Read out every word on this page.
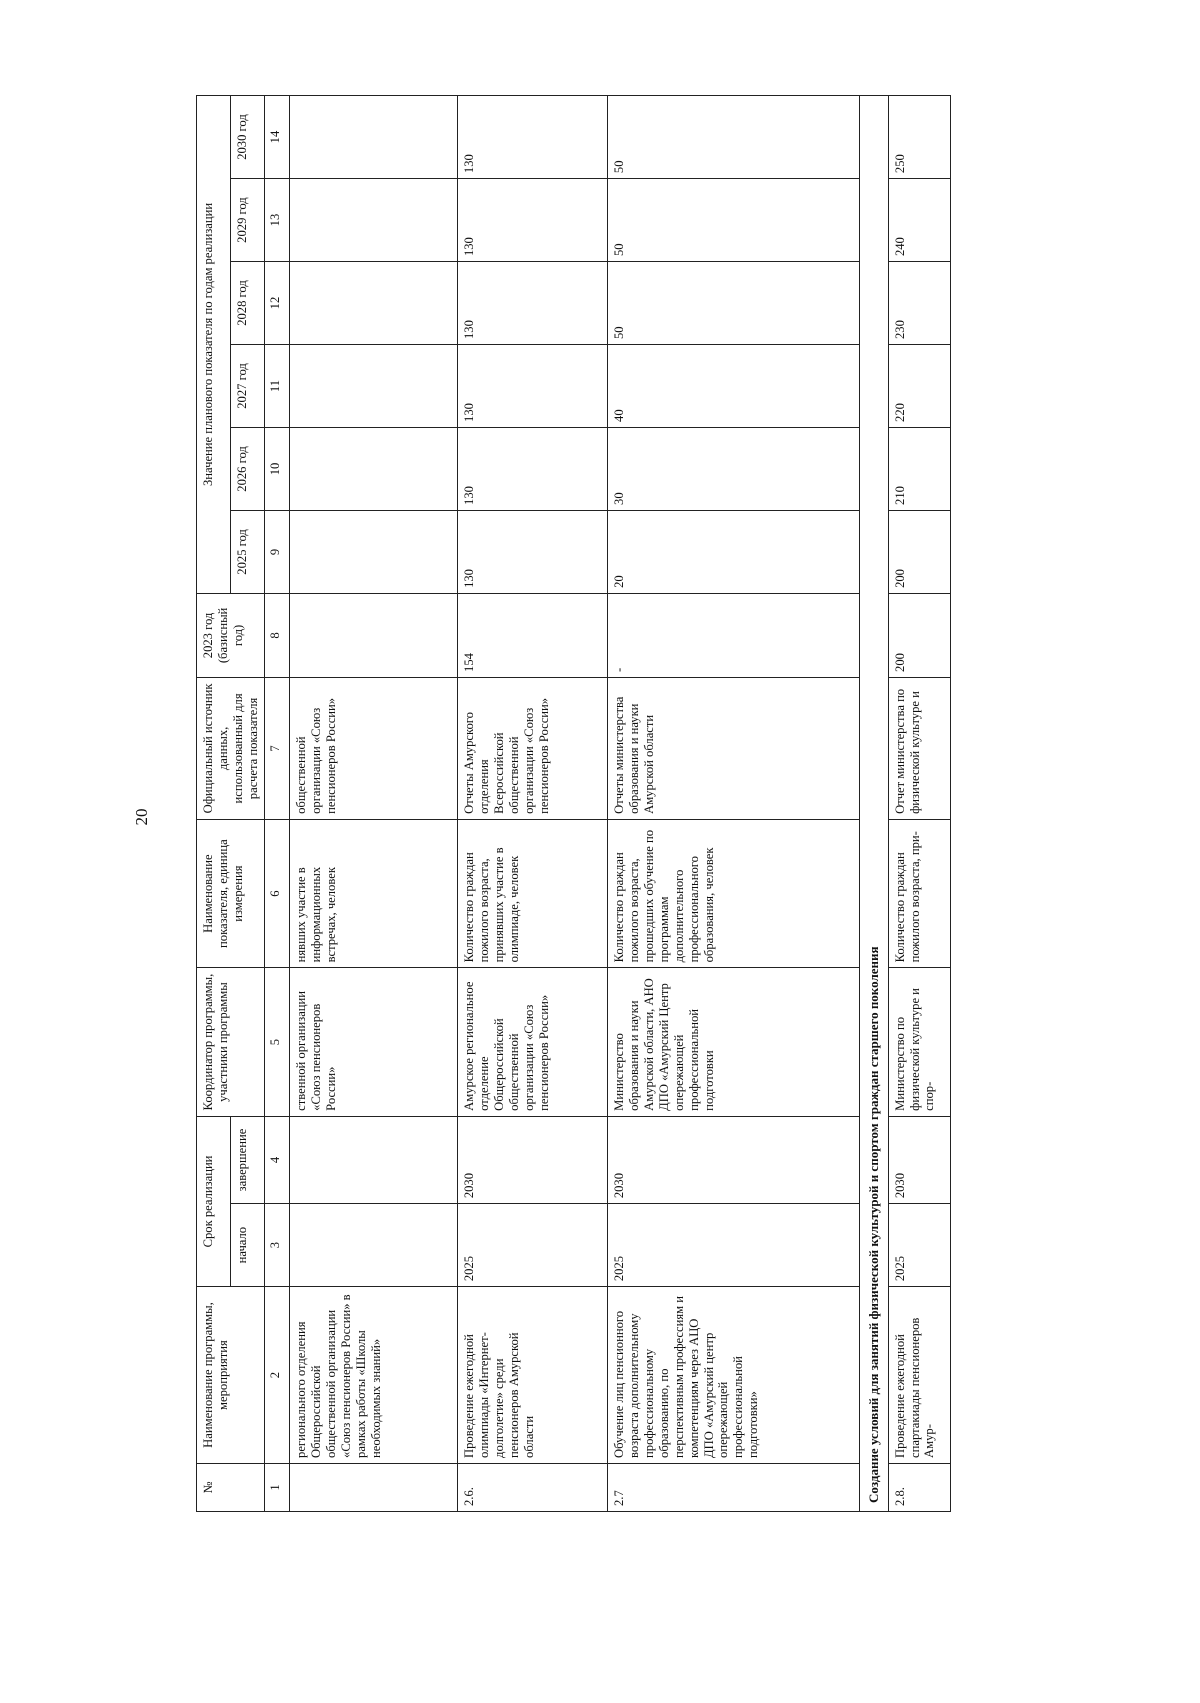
20
№	Наименование программы, мероприятия	Срок реализации		Координатор программы, участники программы	Наименование показателя, единица измерения	Официальный источник данных, использованный для расчета показателя	2023 год (базисный год)	Значение планового показателя по годам реализации					
		начало	завершение					2025 год	2026 год	2027 год	2028 год	2029 год	2030 год
1	2	3	4	5	6	7	8	9	10	11	12	13	14
	регионального отделения Общероссийской общественной организации «Союз пенсионеров России» в рамках работы «Школы необходимых знаний»			ственной организации «Союз пенсионеров России»	нявших участие в информационных встречах, человек	общественной организации «Союз пенсионеров России»							
2.6.	Проведение ежегодной олимпиады «Интернет-долголетие» среди пенсионеров Амурской области	2025	2030	Амурское региональное отделение Общероссийской общественной организации «Союз пенсионеров России»	Количество граждан пожилого возраста, принявших участие в олимпиаде, человек	Отчеты Амурского отделения Всероссийской общественной организации «Союз пенсионеров России»	154	130	130	130	130	130	130
2.7	Обучение лиц пенсионного возраста дополнительному профессиональному образованию, по перспективным профессиям и компетенциям через АЦО ДПО «Амурский центр опережающей профессиональной подготовки»	2025	2030	Министерство образования и науки Амурской области, АНО ДПО «Амурский Центр опережающей профессиональной подготовки	Количество граждан пожилого возраста, прошедших обучение по программам дополнительного профессионального образования, человек	Отчеты министерства образования и науки Амурской области	-	20	30	40	50	50	50
Создание условий для занятий физической культурой и спортом граждан старшего поколения													
2.8.	Проведение ежегодной спартакиады пенсионеров Амур-	2025	2030	Министерство по физической культуре и спор-	Количество граждан пожилого возраста, при-	Отчет министерства по физической культуре и	200	200	210	220	230	240	250
